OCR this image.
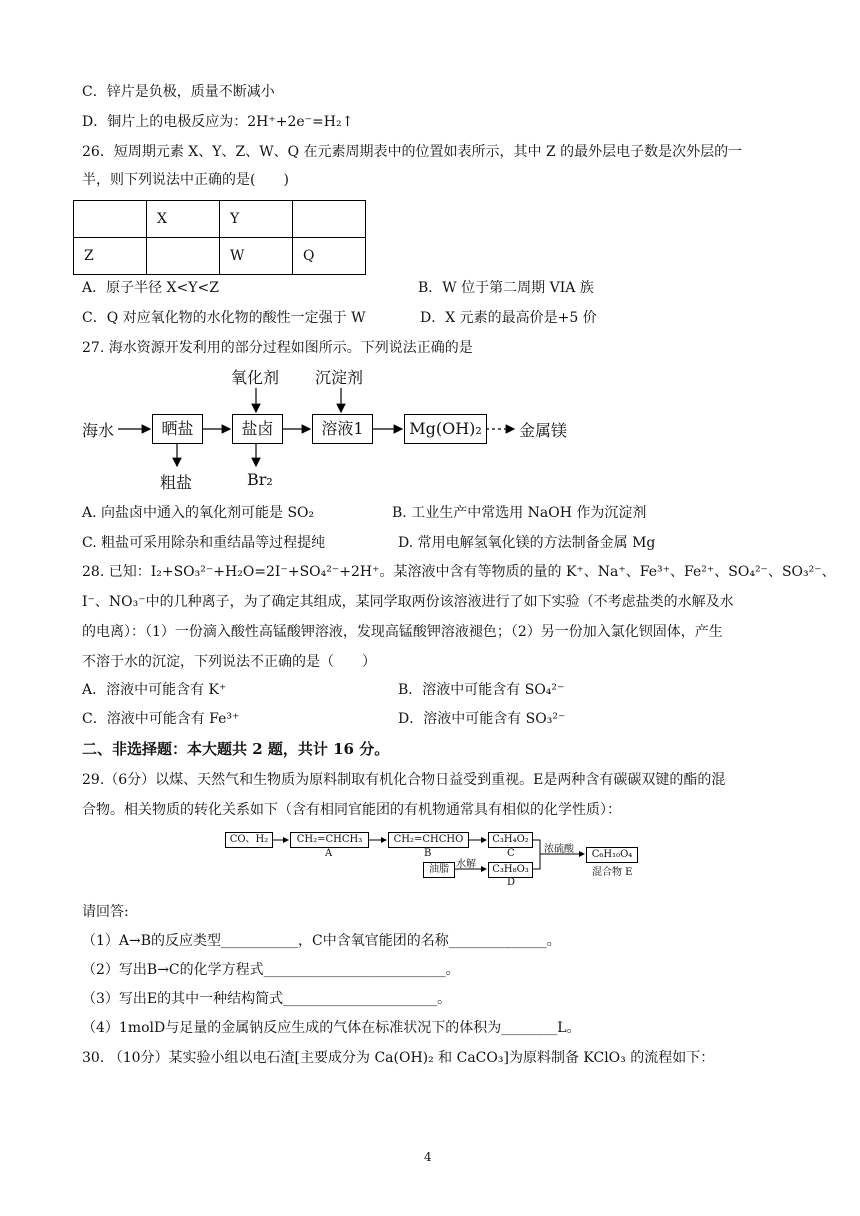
C．锌片是负极，质量不断减小
D．铜片上的电极反应为：2H⁺+2e⁻=H₂↑
26．短周期元素 X、Y、Z、W、Q 在元素周期表中的位置如表所示，其中 Z 的最外层电子数是次外层的一
半，则下列说法中正确的是(　　)
	X	Y	
Z		W	Q
A．原子半径 X<Y<Z	B．W 位于第二周期 VIA 族
C．Q 对应氧化物的水化物的酸性一定强于 W	D．X 元素的最高价是+5 价
27. 海水资源开发利用的部分过程如图所示。下列说法正确的是
海水	晒盐	盐卤	溶液1	Mg(OH)₂	金属镁
氧化剂 沉淀剂
粗盐	Br₂
A. 向盐卤中通入的氧化剂可能是 SO₂	B. 工业生产中常选用 NaOH 作为沉淀剂
C. 粗盐可采用除杂和重结晶等过程提纯	D. 常用电解氢氧化镁的方法制备金属 Mg
28. 已知：I₂+SO₃²⁻+H₂O=2I⁻+SO₄²⁻+2H⁺。某溶液中含有等物质的量的 K⁺、Na⁺、Fe³⁺、Fe²⁺、SO₄²⁻、SO₃²⁻、
I⁻、NO₃⁻中的几种离子，为了确定其组成，某同学取两份该溶液进行了如下实验（不考虑盐类的水解及水
的电离）：（1）一份滴入酸性高锰酸钾溶液，发现高锰酸钾溶液褪色；（2）另一份加入氯化钡固体，产生
不溶于水的沉淀，下列说法不正确的是（　　）
A．溶液中可能含有 K⁺	B．溶液中可能含有 SO₄²⁻
C．溶液中可能含有 Fe³⁺	D．溶液中可能含有 SO₃²⁻
二、非选择题：本大题共 2 题，共计 16 分。
29.（6分）以煤、天然气和生物质为原料制取有机化合物日益受到重视。E是两种含有碳碳双键的酯的混
合物。相关物质的转化关系如下（含有相同官能团的有机物通常具有相似的化学性质）：
CO、H₂	CH₂=CHCH₃	CH₂=CHCHO	C₃H₄O₂
C₆H₁₀O₄
油脂	C₃H₈O₃
A	B	C
D
水解
浓硫酸
混合物 E
请回答:
（1）A→B的反应类型___________，C中含氧官能团的名称______________。
（2）写出B→C的化学方程式__________________________。
（3）写出E的其中一种结构简式______________________。
（4）1molD与足量的金属钠反应生成的气体在标准状况下的体积为________L。
30. （10分）某实验小组以电石渣[主要成分为 Ca(OH)₂ 和 CaCO₃]为原料制备 KClO₃ 的流程如下：
4
